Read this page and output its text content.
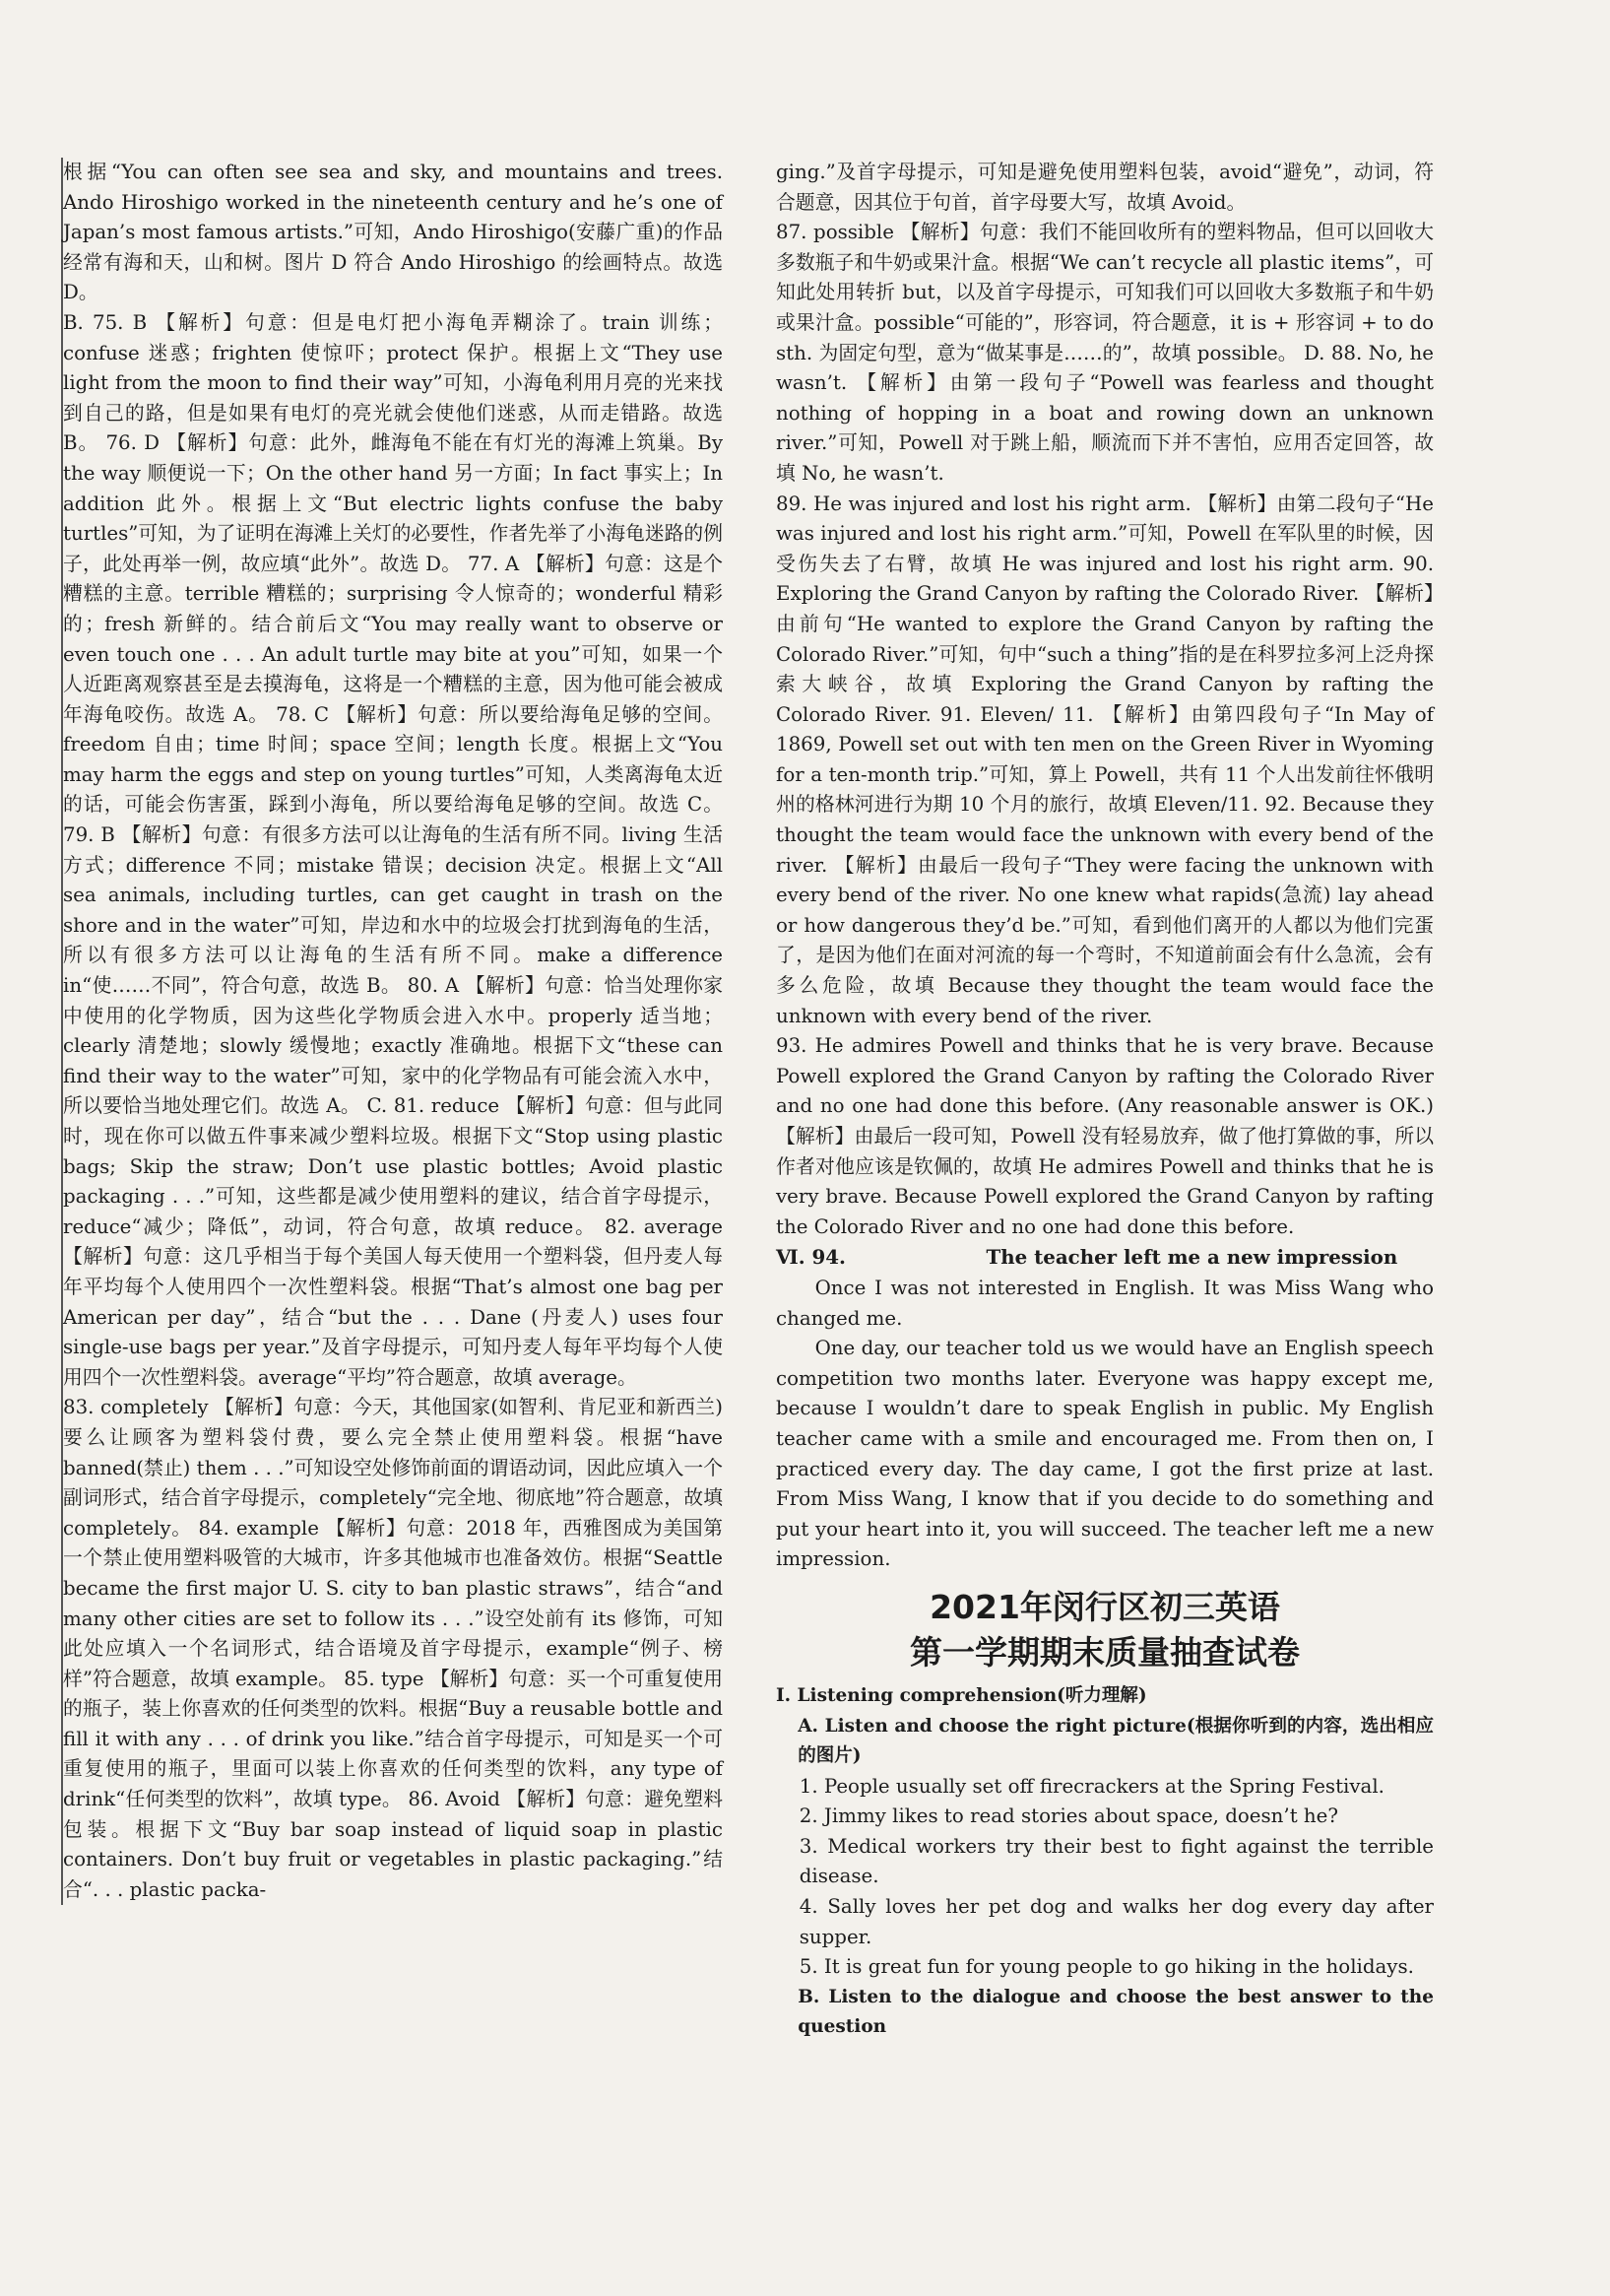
根据“You can often see sea and sky, and mountains and trees. Ando Hiroshigo worked in the nineteenth century and he’s one of Japan’s most famous artists.”可知，Ando Hiroshigo(安藤广重)的作品经常有海和天，山和树。图片 D 符合 Ando Hiroshigo 的绘画特点。故选 D。

B. 75. B 【解析】句意：但是电灯把小海龟弄糊涂了。train 训练；confuse 迷惑；frighten 使惊吓；protect 保护。根据上文“They use light from the moon to find their way”可知，小海龟利用月亮的光来找到自己的路，但是如果有电灯的亮光就会使他们迷惑，从而走错路。故选 B。 76. D 【解析】句意：此外，雌海龟不能在有灯光的海滩上筑巢。By the way 顺便说一下；On the other hand 另一方面；In fact 事实上；In addition 此外。根据上文“But electric lights confuse the baby turtles”可知，为了证明在海滩上关灯的必要性，作者先举了小海龟迷路的例子，此处再举一例，故应填“此外”。故选 D。 77. A 【解析】句意：这是个糟糕的主意。terrible 糟糕的；surprising 令人惊奇的；wonderful 精彩的；fresh 新鲜的。结合前后文“You may really want to observe or even touch one . . . An adult turtle may bite at you”可知，如果一个人近距离观察甚至是去摸海龟，这将是一个糟糕的主意，因为他可能会被成年海龟咬伤。故选 A。 78. C 【解析】句意：所以要给海龟足够的空间。freedom 自由；time 时间；space 空间；length 长度。根据上文“You may harm the eggs and step on young turtles”可知，人类离海龟太近的话，可能会伤害蛋，踩到小海龟，所以要给海龟足够的空间。故选 C。 79. B 【解析】句意：有很多方法可以让海龟的生活有所不同。living 生活方式；difference 不同；mistake 错误；decision 决定。根据上文“All sea animals, including turtles, can get caught in trash on the shore and in the water”可知，岸边和水中的垃圾会打扰到海龟的生活，所以有很多方法可以让海龟的生活有所不同。make a difference in“使……不同”，符合句意，故选 B。 80. A 【解析】句意：恰当处理你家中使用的化学物质，因为这些化学物质会进入水中。properly 适当地；clearly 清楚地；slowly 缓慢地；exactly 准确地。根据下文“these can find their way to the water”可知，家中的化学物品有可能会流入水中，所以要恰当地处理它们。故选 A。 C. 81. reduce 【解析】句意：但与此同时，现在你可以做五件事来减少塑料垃圾。根据下文“Stop using plastic bags; Skip the straw; Don’t use plastic bottles; Avoid plastic packaging . . .”可知，这些都是减少使用塑料的建议，结合首字母提示，reduce“减少；降低”，动词，符合句意，故填 reduce。 82. average 【解析】句意：这几乎相当于每个美国人每天使用一个塑料袋，但丹麦人每年平均每个人使用四个一次性塑料袋。根据“That’s almost one bag per American per day”，结合“but the . . . Dane (丹麦人) uses four single-use bags per year.”及首字母提示，可知丹麦人每年平均每个人使用四个一次性塑料袋。average“平均”符合题意，故填 average。

83. completely 【解析】句意：今天，其他国家(如智利、肯尼亚和新西兰)要么让顾客为塑料袋付费，要么完全禁止使用塑料袋。根据“have banned(禁止) them . . .”可知设空处修饰前面的谓语动词，因此应填入一个副词形式，结合首字母提示，completely“完全地、彻底地”符合题意，故填 completely。 84. example 【解析】句意：2018 年，西雅图成为美国第一个禁止使用塑料吸管的大城市，许多其他城市也准备效仿。根据“Seattle became the first major U. S. city to ban plastic straws”，结合“and many other cities are set to follow its . . .”设空处前有 its 修饰，可知此处应填入一个名词形式，结合语境及首字母提示，example“例子、榜样”符合题意，故填 example。 85. type 【解析】句意：买一个可重复使用的瓶子，装上你喜欢的任何类型的饮料。根据“Buy a reusable bottle and fill it with any . . . of drink you like.”结合首字母提示，可知是买一个可重复使用的瓶子，里面可以装上你喜欢的任何类型的饮料，any type of drink“任何类型的饮料”，故填 type。 86. Avoid 【解析】句意：避免塑料包装。根据下文“Buy bar soap instead of liquid soap in plastic containers. Don’t buy fruit or vegetables in plastic packaging.”结合“. . . plastic packa-

ging.”及首字母提示，可知是避免使用塑料包装，avoid“避免”，动词，符合题意，因其位于句首，首字母要大写，故填 Avoid。

87. possible 【解析】句意：我们不能回收所有的塑料物品，但可以回收大多数瓶子和牛奶或果汁盒。根据“We can’t recycle all plastic items”，可知此处用转折 but，以及首字母提示，可知我们可以回收大多数瓶子和牛奶或果汁盒。possible“可能的”，形容词，符合题意，it is + 形容词 + to do sth. 为固定句型，意为“做某事是……的”，故填 possible。 D. 88. No, he wasn’t. 【解析】由第一段句子“Powell was fearless and thought nothing of hopping in a boat and rowing down an unknown river.”可知，Powell 对于跳上船，顺流而下并不害怕，应用否定回答，故填 No, he wasn’t.

89. He was injured and lost his right arm. 【解析】由第二段句子“He was injured and lost his right arm.”可知，Powell 在军队里的时候，因受伤失去了右臂，故填 He was injured and lost his right arm. 90. Exploring the Grand Canyon by rafting the Colorado River. 【解析】由前句“He wanted to explore the Grand Canyon by rafting the Colorado River.”可知，句中“such a thing”指的是在科罗拉多河上泛舟探索大峡谷，故填 Exploring the Grand Canyon by rafting the Colorado River. 91. Eleven/ 11. 【解析】由第四段句子“In May of 1869, Powell set out with ten men on the Green River in Wyoming for a ten-month trip.”可知，算上 Powell，共有 11 个人出发前往怀俄明州的格林河进行为期 10 个月的旅行，故填 Eleven/11. 92. Because they thought the team would face the unknown with every bend of the river. 【解析】由最后一段句子“They were facing the unknown with every bend of the river. No one knew what rapids(急流) lay ahead or how dangerous they’d be.”可知，看到他们离开的人都以为他们完蛋了，是因为他们在面对河流的每一个弯时，不知道前面会有什么急流，会有多么危险，故填 Because they thought the team would face the unknown with every bend of the river.

93. He admires Powell and thinks that he is very brave. Because Powell explored the Grand Canyon by rafting the Colorado River and no one had done this before. (Any reasonable answer is OK.) 【解析】由最后一段可知，Powell 没有轻易放弃，做了他打算做的事，所以作者对他应该是钦佩的，故填 He admires Powell and thinks that he is very brave. Because Powell explored the Grand Canyon by rafting the Colorado River and no one had done this before.

Ⅵ. 94.	The teacher left me a new impression

Once I was not interested in English. It was Miss Wang who changed me.

One day, our teacher told us we would have an English speech competition two months later. Everyone was happy except me, because I wouldn’t dare to speak English in public. My English teacher came with a smile and encouraged me. From then on, I practiced every day. The day came, I got the first prize at last. From Miss Wang, I know that if you decide to do something and put your heart into it, you will succeed. The teacher left me a new impression.

2021年闵行区初三英语
第一学期期末质量抽查试卷

Ⅰ. Listening comprehension(听力理解)

A. Listen and choose the right picture(根据你听到的内容，选出相应的图片)

1. People usually set off firecrackers at the Spring Festival.

2. Jimmy likes to read stories about space, doesn’t he?

3. Medical workers try their best to fight against the terrible disease.

4. Sally loves her pet dog and walks her dog every day after supper.

5. It is great fun for young people to go hiking in the holidays.

B. Listen to the dialogue and choose the best answer to the question
